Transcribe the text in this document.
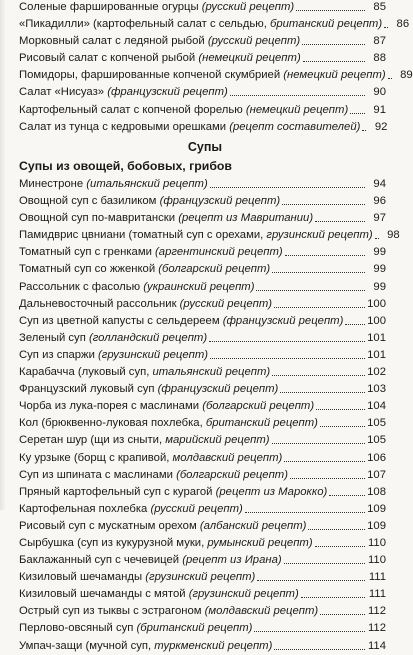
Соленые фаршированные огурцы (русский рецепт)	85
«Пикадилли» (картофельный салат с сельдью, британский рецепт)	86
Морковный салат с ледяной рыбой (русский рецепт)	87
Рисовый салат с копченой рыбой (немецкий рецепт)	88
Помидоры, фаршированные копченой скумбрией (немецкий рецепт)	89
Салат «Нисуаз» (французский рецепт)	90
Картофельный салат с копченой форелью (немецкий рецепт)	91
Салат из тунца с кедровыми орешками (рецепт составителей)	92
Супы
Супы из овощей, бобовых, грибов
Минестроне (итальянский рецепт)	94
Овощной суп с базиликом (французский рецепт)	96
Овощной суп по-мавритански (рецепт из Мавритании)	97
Памидврис цвниани (томатный суп с орехами, грузинский рецепт)	98
Томатный суп с гренками (аргентинский рецепт)	99
Томатный суп со жженкой (болгарский рецепт)	99
Рассольник с фасолью (украинский рецепт)	99
Дальневосточный рассольник (русский рецепт)	100
Суп из цветной капусты с сельдереем (французский рецепт) 100
Зеленый суп (голландский рецепт)	101
Суп из спаржи (грузинский рецепт)	101
Карабачча (луковый суп, итальянский рецепт)	102
Французский луковый суп (французский рецепт)	103
Чорба из лука-порея с маслинами (болгарский рецепт)	104
Кол (брюквенно-луковая похлебка, британский рецепт)	105
Серетан шур (щи из сныти, марийский рецепт)	105
Ку урзыке (борщ с крапивой, молдавский рецепт)	106
Суп из шпината с маслинами (болгарский рецепт)	107
Пряный картофельный суп с курагой (рецепт из Марокко)	108
Картофельная похлебка (русский рецепт)	109
Рисовый суп с мускатным орехом (албанский рецепт)	109
Сырбушка (суп из кукурузной муки, румынский рецепт)	110
Баклажанный суп с чечевицей (рецепт из Ирана)	110
Кизиловый шечаманды (грузинский рецепт)	111
Кизиловый шечаманды с мятой (грузинский рецепт)	111
Острый суп из тыквы с эстрагоном (молдавский рецепт)	112
Перлово-овсяный суп (британский рецепт)	112
Умпач-защи (мучной суп, туркменский рецепт)	114
